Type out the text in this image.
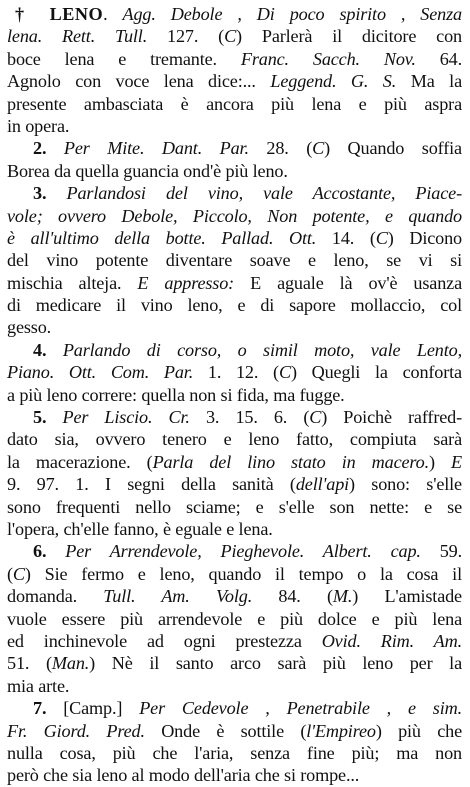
† LENO. Agg. Debole , Di poco spirito , Senza
lena. Rett. Tull. 127. (C) Parlerà il dicitore con
boce lena e tremante. Franc. Sacch. Nov. 64.
Agnolo con voce lena dice:... Leggend. G. S. Ma la
presente ambasciata è ancora più lena e più aspra
in opera.
2. Per Mite. Dant. Par. 28. (C) Quando soffia
Borea da quella guancia ond'è più leno.
3. Parlandosi del vino, vale Accostante, Piace-
vole; ovvero Debole, Piccolo, Non potente, e quando
è all'ultimo della botte. Pallad. Ott. 14. (C) Dicono
del vino potente diventare soave e leno, se vi si
mischia alteja. E appresso: E aguale là ov'è usanza
di medicare il vino leno, e di sapore mollaccio, col
gesso.
4. Parlando di corso, o simil moto, vale Lento,
Piano. Ott. Com. Par. 1. 12. (C) Quegli la conforta
a più leno correre: quella non si fida, ma fugge.
5. Per Liscio. Cr. 3. 15. 6. (C) Poichè raffred-
dato sia, ovvero tenero e leno fatto, compiuta sarà
la macerazione. (Parla del lino stato in macero.) E
9. 97. 1. I segni della sanità (dell'api) sono: s'elle
sono frequenti nello sciame; e s'elle son nette: e se
l'opera, ch'elle fanno, è eguale e lena.
6. Per Arrendevole, Pieghevole. Albert. cap. 59.
(C) Sie fermo e leno, quando il tempo o la cosa il
domanda. Tull. Am. Volg. 84. (M.) L'amistade
vuole essere più arrendevole e più dolce e più lena
ed inchinevole ad ogni prestezza Ovid. Rim. Am.
51. (Man.) Nè il santo arco sarà più leno per la
mia arte.
7. [Camp.] Per Cedevole , Penetrabile , e sim.
Fr. Giord. Pred. Onde è sottile (l'Empireo) più che
nulla cosa, più che l'aria, senza fine più; ma non
però che sia leno al modo dell'aria che si rompe...
